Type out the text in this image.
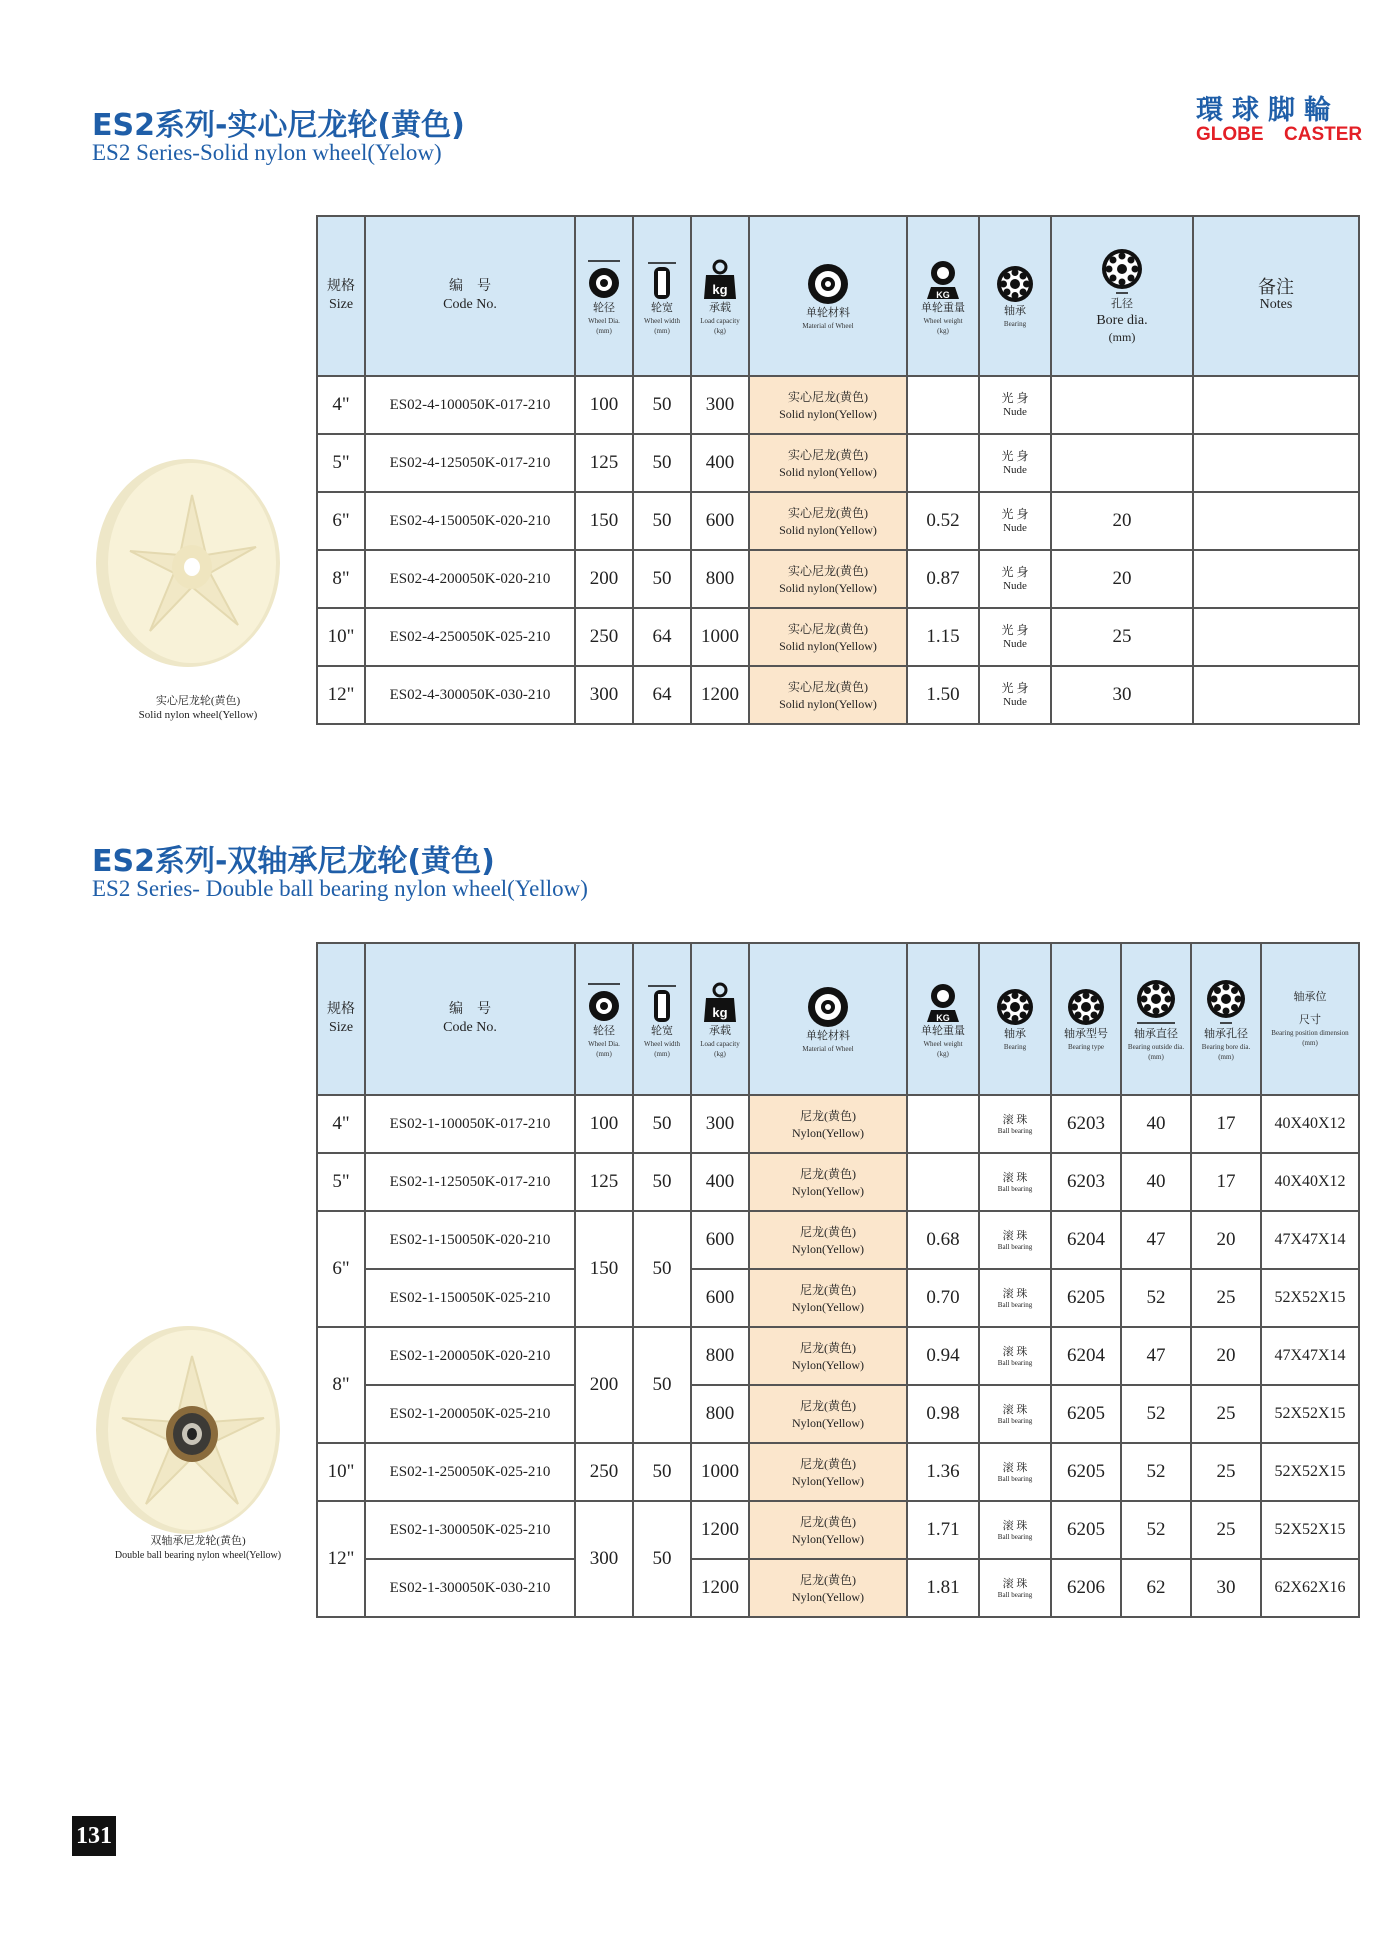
環球脚輪
GLOBE CASTER
ES2系列-实心尼龙轮(黄色)
ES2 Series-Solid nylon wheel(Yelow)
实心尼龙轮(黄色)
Solid nylon wheel(Yellow)
规格
Size	编　号
Code No.	轮径
Wheel Dia.
(mm)	轮宽
Wheel width
(mm)	kg
承载
Load capacity
(kg)	单轮材料
Material of Wheel	KG
单轮重量
Wheel weight
(kg)	轴承
Bearing	孔径
Bore dia.
(mm)	备注
Notes

4"	ES02-4-100050K-017-210	100	50	300	实心尼龙(黄色)
Solid nylon(Yellow)		光 身
Nude		

5"	ES02-4-125050K-017-210	125	50	400	实心尼龙(黄色)
Solid nylon(Yellow)		光 身
Nude		

6"	ES02-4-150050K-020-210	150	50	600	实心尼龙(黄色)
Solid nylon(Yellow)	0.52	光 身
Nude	20	
8"	ES02-4-200050K-020-210	200	50	800	实心尼龙(黄色)
Solid nylon(Yellow)	0.87	光 身
Nude	20	
10"	ES02-4-250050K-025-210	250	64	1000	实心尼龙(黄色)
Solid nylon(Yellow)	1.15	光 身
Nude	25	
12"	ES02-4-300050K-030-210	300	64	1200	实心尼龙(黄色)
Solid nylon(Yellow)	1.50	光 身
Nude	30	
ES2系列-双轴承尼龙轮(黄色)
ES2 Series- Double ball bearing nylon wheel(Yellow)
双轴承尼龙轮(黄色)
Double ball bearing nylon wheel(Yellow)
规格
Size	编　号
Code No.	轮径
Wheel Dia.
(mm)	轮宽
Wheel width
(mm)	kg
承载
Load capacity
(kg)	单轮材料
Material of Wheel	KG
单轮重量
Wheel weight
(kg)	轴承
Bearing	轴承型号
Bearing type	轴承直径
Bearing outside dia.
(mm)	轴承孔径
Bearing bore dia.
(mm)	轴承位
尺寸
Bearing position dimension
(mm)

4"	ES02-1-100050K-017-210	100	50	300	尼龙(黄色)
Nylon(Yellow)		滚 珠
Ball bearing	6203	40	17	40X40X12
5"	ES02-1-125050K-017-210	125	50	400	尼龙(黄色)
Nylon(Yellow)		滚 珠
Ball bearing	6203	40	17	40X40X12
6"	ES02-1-150050K-020-210	150	50	600	尼龙(黄色)
Nylon(Yellow)	0.68	滚 珠
Ball bearing	6204	47	20	47X47X14
	ES02-1-150050K-025-210			600	尼龙(黄色)
Nylon(Yellow)	0.70	滚 珠
Ball bearing	6205	52	25	52X52X15
8"	ES02-1-200050K-020-210	200	50	800	尼龙(黄色)
Nylon(Yellow)	0.94	滚 珠
Ball bearing	6204	47	20	47X47X14
	ES02-1-200050K-025-210			800	尼龙(黄色)
Nylon(Yellow)	0.98	滚 珠
Ball bearing	6205	52	25	52X52X15
10"	ES02-1-250050K-025-210	250	50	1000	尼龙(黄色)
Nylon(Yellow)	1.36	滚 珠
Ball bearing	6205	52	25	52X52X15
12"	ES02-1-300050K-025-210	300	50	1200	尼龙(黄色)
Nylon(Yellow)	1.71	滚 珠
Ball bearing	6205	52	25	52X52X15
	ES02-1-300050K-030-210			1200	尼龙(黄色)
Nylon(Yellow)	1.81	滚 珠
Ball bearing	6206	62	30	62X62X16
131
